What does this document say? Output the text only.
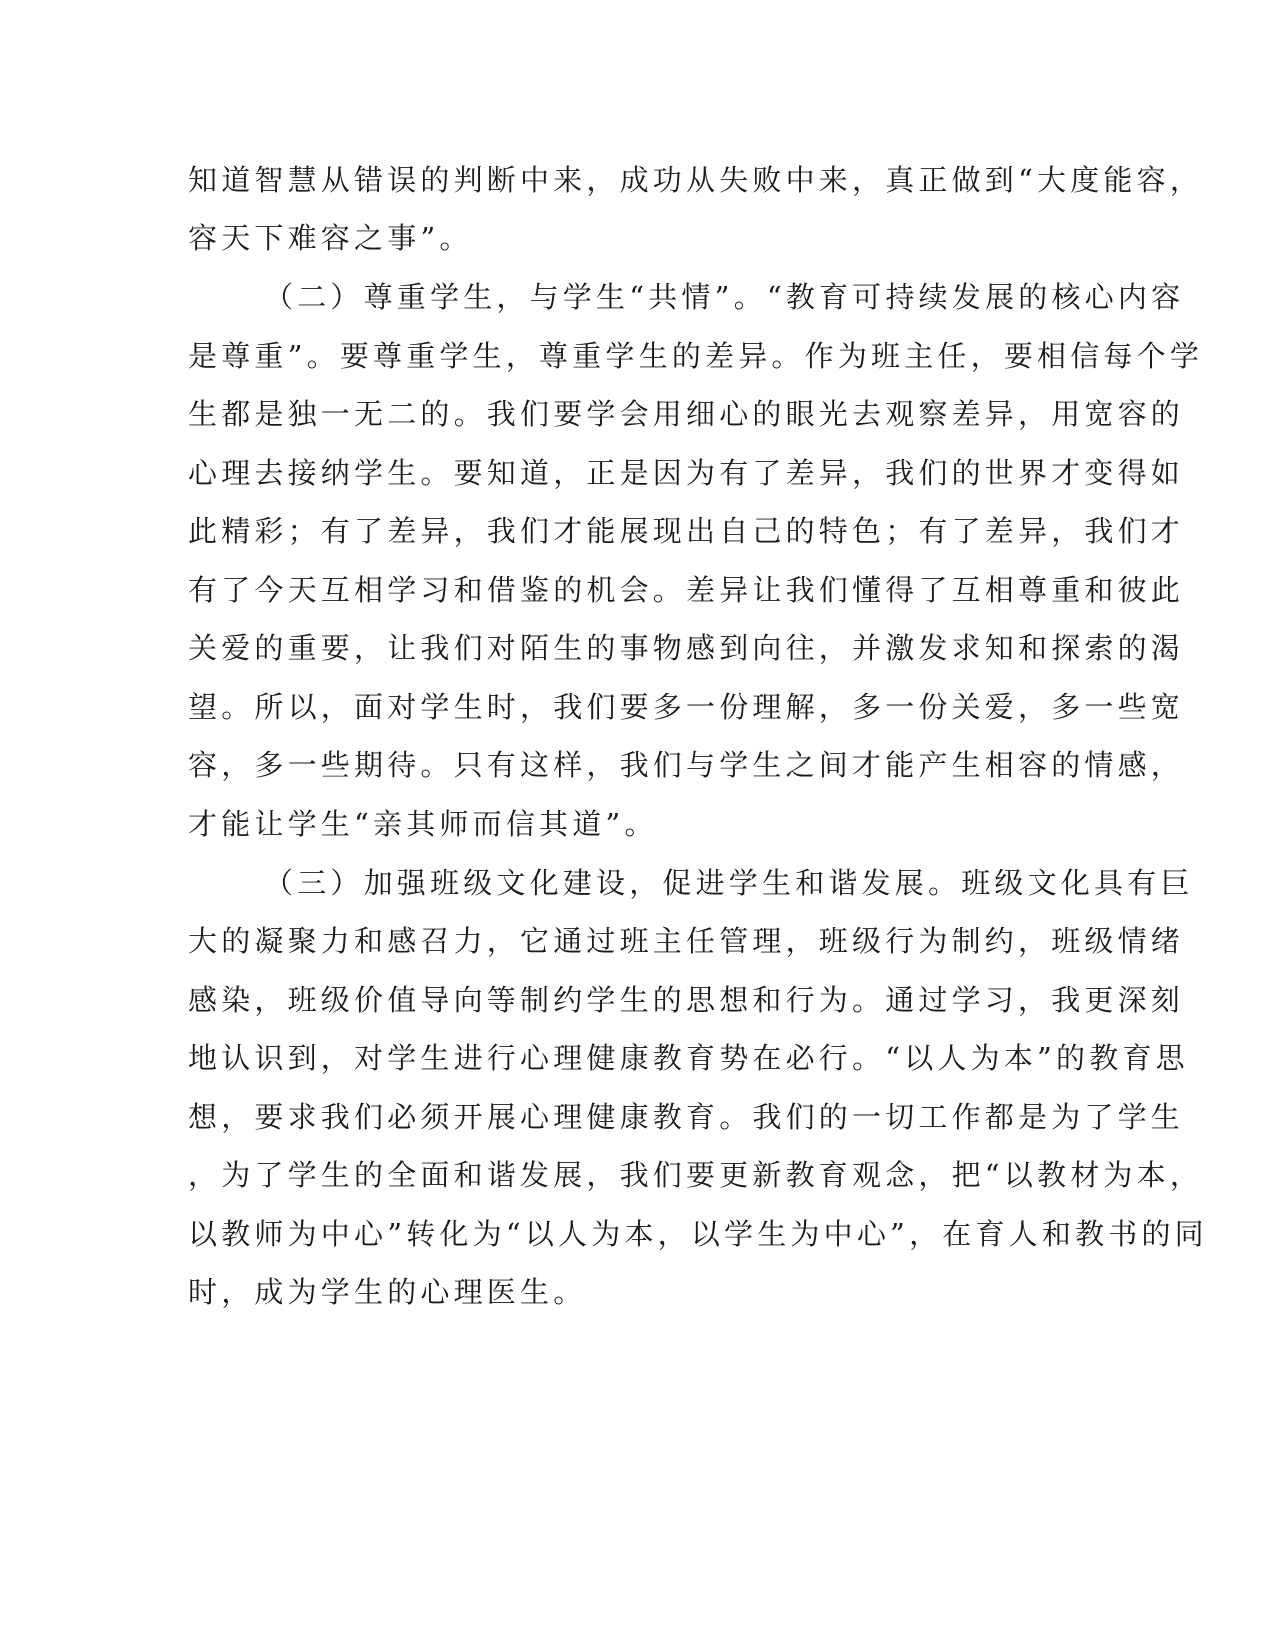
知道智慧从错误的判断中来，成功从失败中来，真正做到“大度能容，
容天下难容之事”。
（二）尊重学生，与学生“共情”。“教育可持续发展的核心内容
是尊重”。要尊重学生，尊重学生的差异。作为班主任，要相信每个学
生都是独一无二的。我们要学会用细心的眼光去观察差异，用宽容的
心理去接纳学生。要知道，正是因为有了差异，我们的世界才变得如
此精彩；有了差异，我们才能展现出自己的特色；有了差异，我们才
有了今天互相学习和借鉴的机会。差异让我们懂得了互相尊重和彼此
关爱的重要，让我们对陌生的事物感到向往，并激发求知和探索的渴
望。所以，面对学生时，我们要多一份理解，多一份关爱，多一些宽
容，多一些期待。只有这样，我们与学生之间才能产生相容的情感，
才能让学生“亲其师而信其道”。
（三）加强班级文化建设，促进学生和谐发展。班级文化具有巨
大的凝聚力和感召力，它通过班主任管理，班级行为制约，班级情绪
感染，班级价值导向等制约学生的思想和行为。通过学习，我更深刻
地认识到，对学生进行心理健康教育势在必行。“以人为本”的教育思
想，要求我们必须开展心理健康教育。我们的一切工作都是为了学生
，为了学生的全面和谐发展，我们要更新教育观念，把“以教材为本，
以教师为中心”转化为“以人为本，以学生为中心”，在育人和教书的同
时，成为学生的心理医生。
